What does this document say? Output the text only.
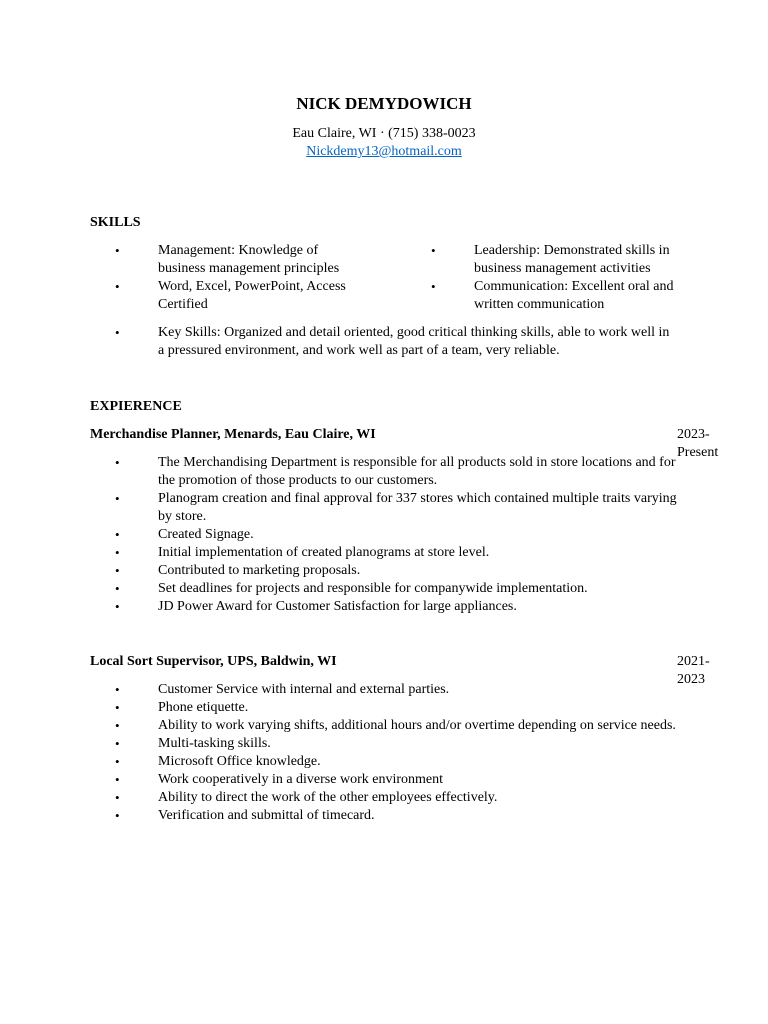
NICK DEMYDOWICH
Eau Claire, WI · (715) 338-0023
Nickdemy13@hotmail.com
SKILLS
• Management: Knowledge of business management principles
• Word, Excel, PowerPoint, Access Certified
• Leadership: Demonstrated skills in business management activities
• Communication: Excellent oral and written communication
• Key Skills: Organized and detail oriented, good critical thinking skills, able to work well in a pressured environment, and work well as part of a team, very reliable.
EXPIERENCE
Merchandise Planner, Menards, Eau Claire, WI	2023-Present
• The Merchandising Department is responsible for all products sold in store locations and for the promotion of those products to our customers.
• Planogram creation and final approval for 337 stores which contained multiple traits varying by store.
• Created Signage.
• Initial implementation of created planograms at store level.
• Contributed to marketing proposals.
• Set deadlines for projects and responsible for companywide implementation.
• JD Power Award for Customer Satisfaction for large appliances.
Local Sort Supervisor, UPS, Baldwin, WI	2021-2023
• Customer Service with internal and external parties.
• Phone etiquette.
• Ability to work varying shifts, additional hours and/or overtime depending on service needs.
• Multi-tasking skills.
• Microsoft Office knowledge.
• Work cooperatively in a diverse work environment
• Ability to direct the work of the other employees effectively.
• Verification and submittal of timecard.
